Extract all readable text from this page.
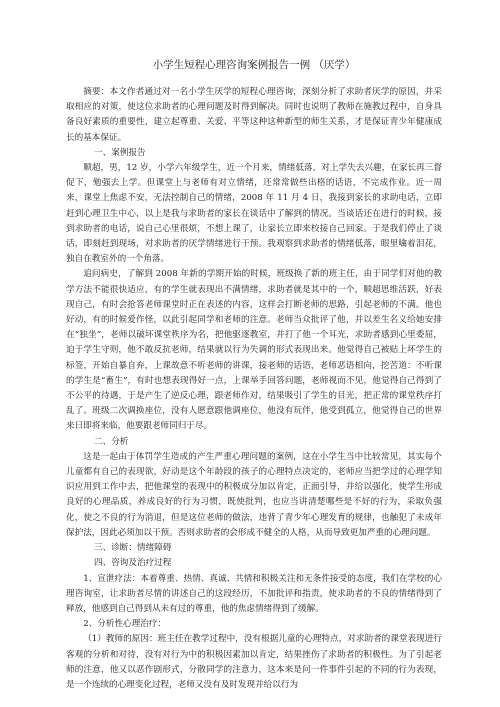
小学生短程心理咨询案例报告一例 （厌学）

摘要：本文作者通过对一名小学生厌学的短程心理咨询，深刻分析了求助者厌学的原因，并采取相应的对策，使这位求助者的心理问题及时得到解决。同时也说明了教师在施教过程中，自身具备良好素质的重要性，建立起尊重、关爱、平等这种这种新型的师生关系，才是保证青少年健康成长的基本保证。

一、案例报告

顺超，男，12 岁，小学六年级学生，近一个月来，情绪低落，对上学失去兴趣，在家长再三督促下，勉强去上学。但课堂上与老师有对立情绪，还常常做些出格的话语，不完成作业。近一周来，课堂上焦虑不安，无法控制自己的情绪，2008 年 11 月 4 日，我接到家长的求助电话，立即赶到心理卫生中心，以上是我与求助者的家长在谈话中了解到的情况。当谈话还在进行的时候，接到求助者的电话，说自己心里很烦，不想上课了，让家长立即来校接自己回家。于是我们停止了谈话，即刻赶到现场，对求助者的厌学情绪进行干预。我观察到求助者的情绪低落，眼里噙着泪花，独自在教室外的一个角落。

追问病史，了解到 2008 年新的学期开始的时候，班级换了新的班主任，由于同学们对他的教学方法不能很快适应，有的学生就表现出不满情绪，求助者就是其中的一个，顺超思维活跃，好表现自己，有时会抢答老师课堂时正在表述的内容，这样会打断老师的思路，引起老师的不满。他也好动，有的时候爱作怪，以此引起同学和老师的注意。老师当众批评了他，并以差生名义给她安排在“独坐”，老师以破坏课堂秩序为名，把他驱逐教室，并打了他一个耳光，求助者感到心里委屈，迫于学生守则，他不敢反抗老师，结果就以行为失调的形式表现出来。他觉得自己被贴上坏学生的标签，开始自暴自弃，上课故意不听老师的讲课，接老师的话语，老师恶语相向，挖苦道：不听课的学生是“畜生”，有时也想表现得好一点，上课举手回答问题，老师视而不见，他觉得自己得到了不公平的待遇，于是产生了逆反心理，跟老师作对，结果吸引了学生的目光，把正常的课堂秩序打乱了。班级二次调换座位，没有人愿意跟他调座位，他没有玩伴，他受到孤立，他觉得自己的世界来日即将来临，他要跟老师同归于尽。

二、分析

这是一起由于体罚学生造成的产生严重心理问题的案例，这在小学生当中比较常见，其实每个儿童都有自己的表现欲，好动是这个年龄段的孩子的心理特点决定的，老师应当把学过的心理学知识应用到工作中去，把他课堂的表现中的积极成分加以肯定，正面引导，并给以强化，使学生形成良好的心理品质，养成良好的行为习惯，既使批判，也应当讲清楚哪些是不好的行为，采取负强化，使之不良的行为消退，但是这位老师的做法，违背了青少年心理发育的规律，也触犯了未成年保护法，因此必须加以干预。否则求助者的会形成不健全的人格，从而导致更加严重的心理问题。

三、诊断：情绪障碍

四、咨询及治疗过程

1、宣泄疗法：本着尊重、热情、真诚、共情和积极关注和无条件接受的态度，我们在学校的心理咨询室，让求助者尽情的讲述自己的这段经历，不加批评和指责，使求助者的不良的情绪得到了释放，他感到自己得到从未有过的尊重，他的焦虑情绪得到了缓解。

2、分析性心理治疗：

（1）教师的原因：班主任在教学过程中，没有根据儿童的心理特点，对求助者的课堂表现进行客观的分析和对待，没有对行为中的积极因素加以肯定，结果挫伤了求助者的积极性。为了引起老师的注意，他又以恶作剧形式，分散同学的注意力，这本来是问一件事件引起的不同的行为表现，是一个连续的心理变化过程，老师又没有及时发现并给以行为
